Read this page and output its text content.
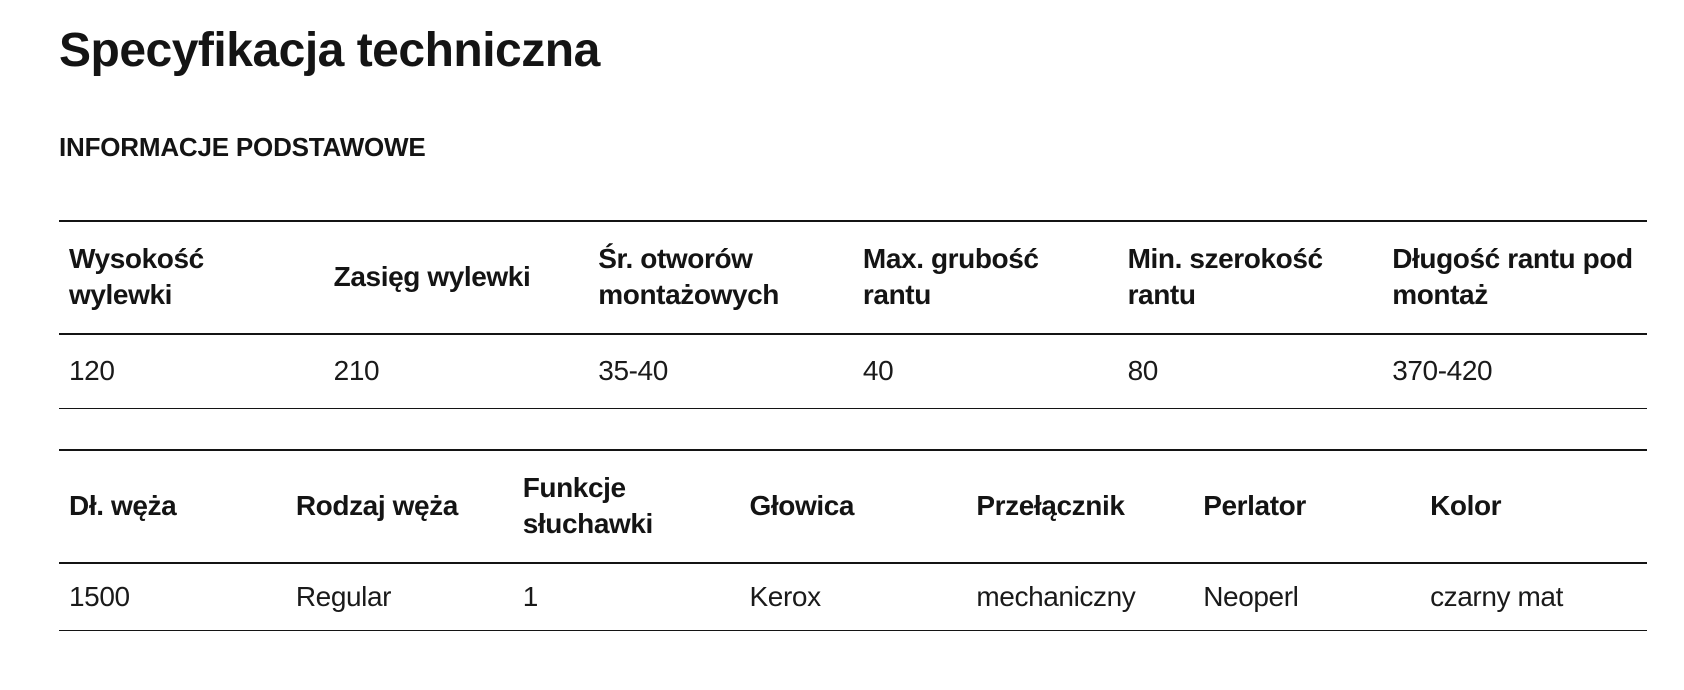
Specyfikacja techniczna
INFORMACJE PODSTAWOWE
Wysokość wylewki	Zasięg wylewki	Śr. otworów montażowych	Max. grubość rantu	Min. szerokość rantu	Długość rantu pod montaż
120	210	35-40	40	80	370-420
Dł. węża	Rodzaj węża	Funkcje słuchawki	Głowica	Przełącznik	Perlator	Kolor
1500	Regular	1	Kerox	mechaniczny	Neoperl	czarny mat
